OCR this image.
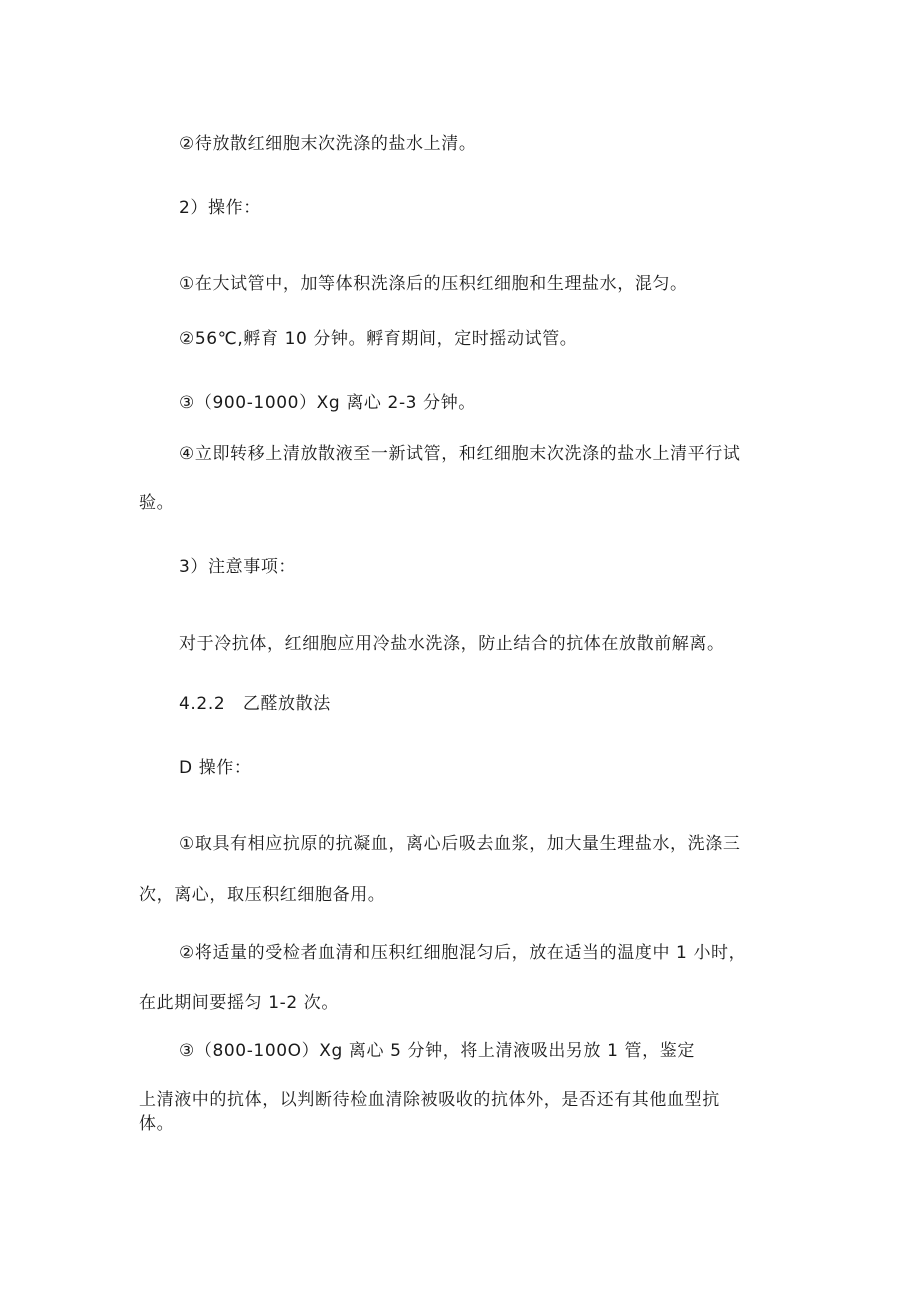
②待放散红细胞末次洗涤的盐水上清。

2）操作：

①在大试管中，加等体积洗涤后的压积红细胞和生理盐水，混匀。

②56℃,孵育 10 分钟。孵育期间，定时摇动试管。

③（900-1000）Xg 离心 2-3 分钟。

④立即转移上清放散液至一新试管，和红细胞末次洗涤的盐水上清平行试

验。

3）注意事项：

对于冷抗体，红细胞应用冷盐水洗涤，防止结合的抗体在放散前解离。

4.2.2　乙醛放散法

D 操作：

①取具有相应抗原的抗凝血，离心后吸去血浆，加大量生理盐水，洗涤三

次，离心，取压积红细胞备用。

②将适量的受检者血清和压积红细胞混匀后，放在适当的温度中 1 小时，

在此期间要摇匀 1-2 次。

③（800-100O）Xg 离心 5 分钟，将上清液吸出另放 1 管，鉴定

上清液中的抗体，以判断待检血清除被吸收的抗体外，是否还有其他血型抗

体。
